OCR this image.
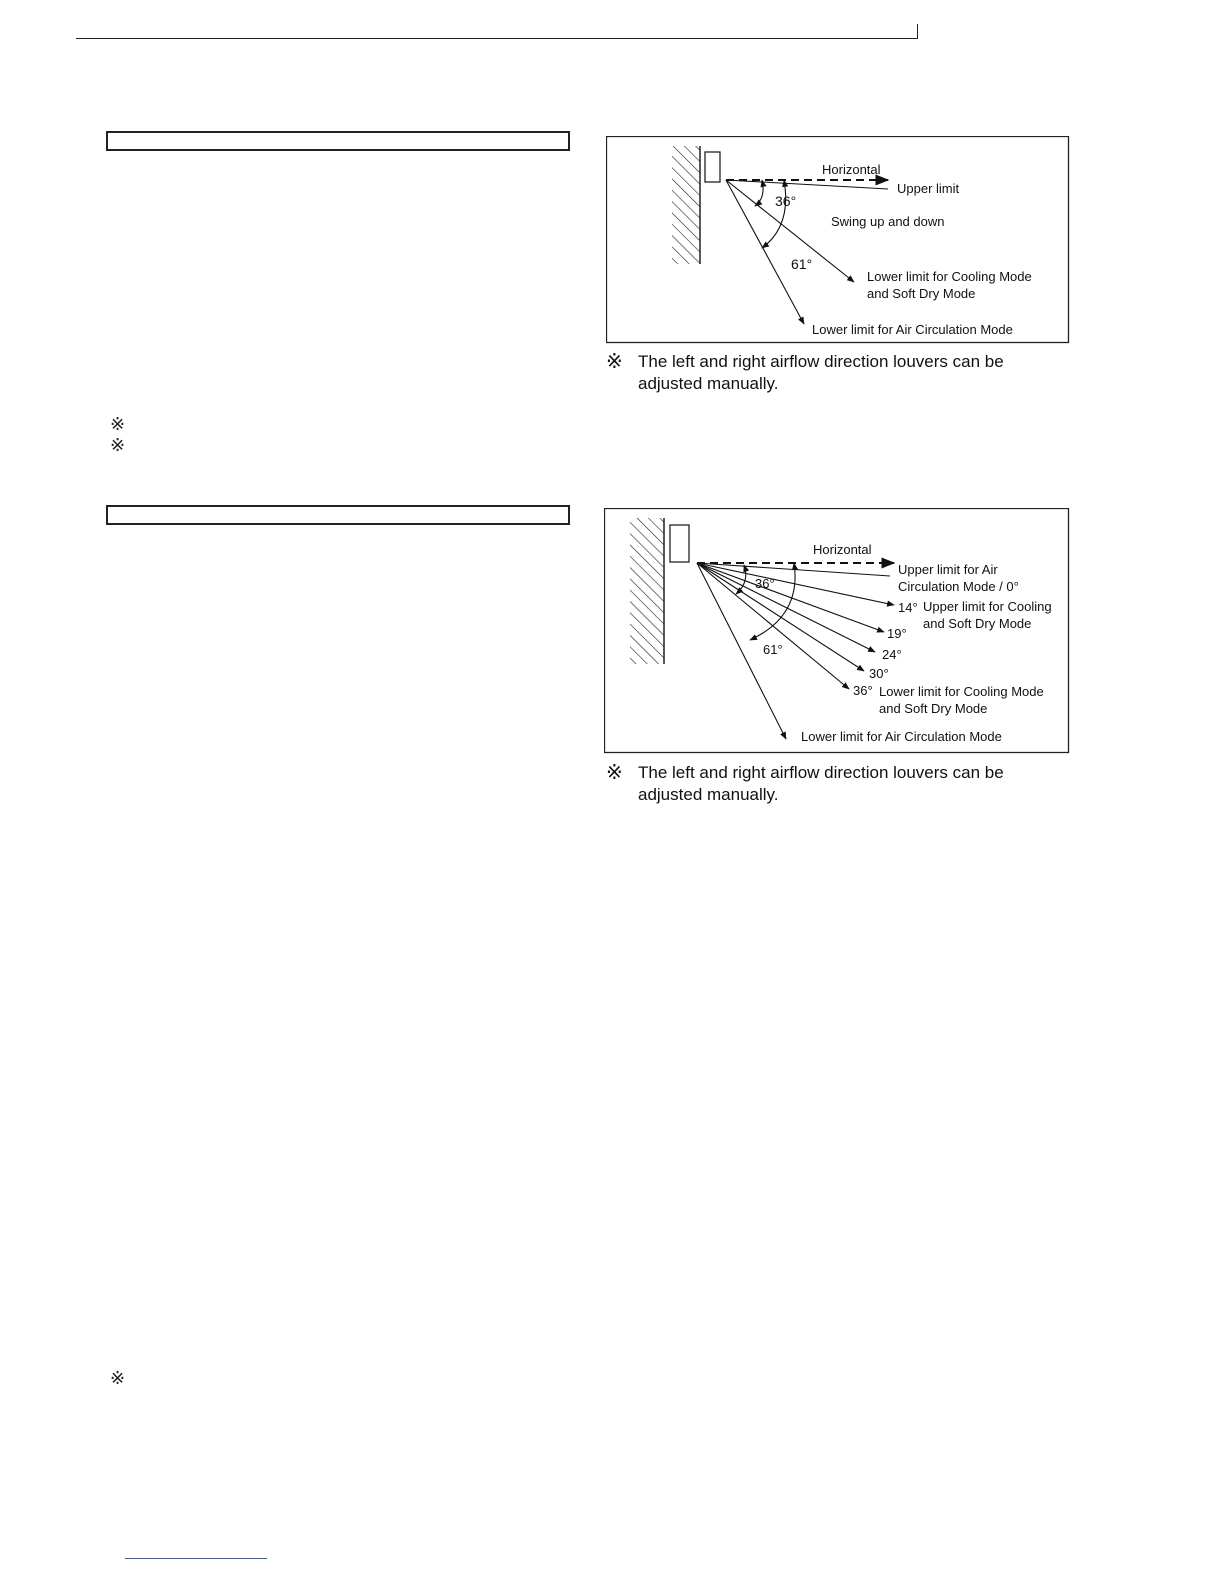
※
※
※
Horizontal
Upper limit
36°
Swing up and down
61°
Lower limit for Cooling Mode
and Soft Dry Mode
Lower limit for Air Circulation Mode
※ The left and right airflow direction louvers can be
adjusted manually.
Horizontal
Upper limit for Air
Circulation Mode / 0°
36°
14° Upper limit for Cooling
and Soft Dry Mode
19°
24°
30°
36° Lower limit for Cooling Mode
and Soft Dry Mode
61°
Lower limit for Air Circulation Mode
※ The left and right airflow direction louvers can be
adjusted manually.
